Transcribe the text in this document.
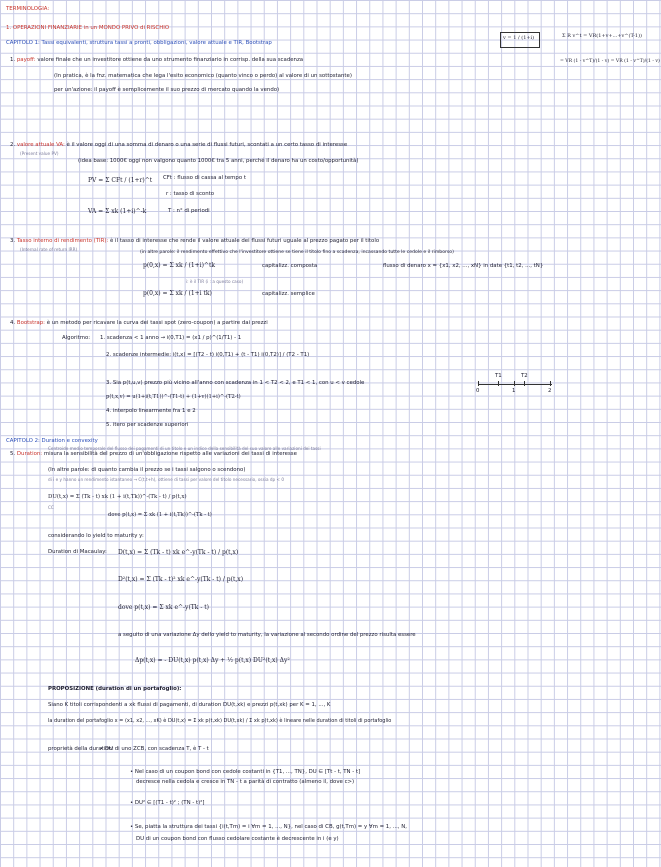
TERMINOLOGIA:
1. OPERAZIONI FINANZIARIE in un MONDO PRIVO di RISCHIO
CAPITOLO 1: Tassi equivalenti, struttura tassi a pronti, obbligazioni, valore attuale e TIR, Bootstrap
v = 1 / (1+i)	Σ R v^t = VR(1+v+...+v^(T-1))
= VR (1 - v^T)/(1 - v) = VR (1 - v^T)/(1 - v)
1. payoff: valore finale che un investitore ottiene da uno strumento finanziario in corrisp. della sua scadenza
(In pratica, è la fnz. matematica che lega l'esito economico (quanto vinco o perdo) al valore di un sottostante)
per un'azione: il payoff è semplicemente il suo prezzo di mercato quando la vendo)
2. valore attuale VA: è il valore oggi di una somma di denaro o una serie di flussi futuri, scontati a un certo tasso di interesse
(Present value PV)
(idea base: 1000€ oggi non valgono quanto 1000€ tra 5 anni, perché il denaro ha un costo/opportunità)
PV = Σ CFt / (1+r)^t CFt : flusso di cassa al tempo t
r : tasso di sconto
VA = Σ xk (1+i)^-k	T : n° di periodi
3. Tasso interno di rendimento (TIR): è il tasso di interesse che rende il valore attuale dei flussi futuri uguale al prezzo pagato per il titolo
(Internal rate of return IRR)
(in altre parole: il rendimento effettivo che l'investitore ottiene se tiene il titolo fino a scadenza, incassando tutte le cedole e il rimborso)
p(0,x) = Σ xk / (1+i)^tk	capitalizz. composta
i: è il TIR (i : a questo caso)
flusso di denaro x = {x1, x2, ..., xN} in date {t1, t2, ..., tN}
p(0,x) = Σ xk / (1+i tk)	capitalizz. semplice
4. Bootstrap: è un metodo per ricavare la curva dei tassi spot (zero-coupon) a partire dai prezzi
Algoritmo: 1. scadenza < 1 anno → i(0,T1) = (x1 / p)^(1/T1) - 1
2. scadenze intermedie: i(t,x) = [(T2 - t) i(0,T1) + (t - T1) i(0,T2)] / (T2 - T1)
3. Sia p(t,u,v) prezzo più vicino all'anno con scadenza in 1 < T2 < 2, e T1 < 1, con u < v cedole
p(t,x,v) = u(1+i(t,T1))^-(T1-t) + (1+v)(1+i)^-(T2-t)
4. interpolo linearmente fra 1 e 2
5. itero per scadenze superiori
T1	T2
0	1	2
CAPITOLO 2: Duration e convexity
Centroide medio temporale del flusso dei pagamenti di un titolo e un indice della sensibilità del suo valore alle variazioni dei tassi
5. Duration: misura la sensibilità del prezzo di un'obbligazione rispetto alle variazioni dei tassi di interesse
(In altre parole: di quanto cambia il prezzo se i tassi salgono o scendono)
di i e y hanno un rendimento istantaneo → C(t,t+h), ottiene di tassi per valore del titolo necessario, ossia dp < 0
DU(t,x) = Σ (Tk - t) xk (1 + i(t,Tk))^-(Tk - t) / p(t,x)
CC
dove p(t,x) = Σ xk (1 + i(t,Tk))^-(Tk - t)
considerando lo yield to maturity y:
Duration di Macaulay: D(t,x) = Σ (Tk - t) xk e^-y(Tk - t) / p(t,x)
D²(t,x) = Σ (Tk - t)² xk e^-y(Tk - t) / p(t,x)
dove p(t,x) = Σ xk e^-y(Tk - t)
a seguito di una variazione Δy dello yield to maturity, la variazione al secondo ordine del prezzo risulta essere
Δp(t,x) = - DU(t,x) p(t,x) Δy + ½ p(t,x) DU²(t,x) Δy²
PROPOSIZIONE (duration di un portafoglio):
Siano K titoli corrispondenti a xk flussi di pagamenti, di duration DU(t,xk) e prezzi p(t,xk) per K = 1, ..., K
la duration del portafoglio x = (x1, x2, ..., xK) è DU(t,x) = Σ xk p(t,xk) DU(t,xk) / Σ xk p(t,xk) è lineare nelle duration di titoli di portafoglio
proprietà della duration:
• DU di uno ZCB, con scadenza T, è T - t
• Nel caso di un coupon bond con cedole costanti in {T1, ..., TN}, DU ∈ [Tt - t, TN - t]
decresce nella cedola e cresce in TN - t a parità di contratto (almeno il, dove c>)
• DU² ∈ [(T1 - t)² ; (TN - t)²]
• Se, piatta la struttura dei tassi {i(t,Tm) = i ∀m = 1, ..., N}, nel caso di CB, g(t,Tm) = y ∀m = 1, ..., N,
DU di un coupon bond con flusso cedolare costante è decrescente in i (e y)
